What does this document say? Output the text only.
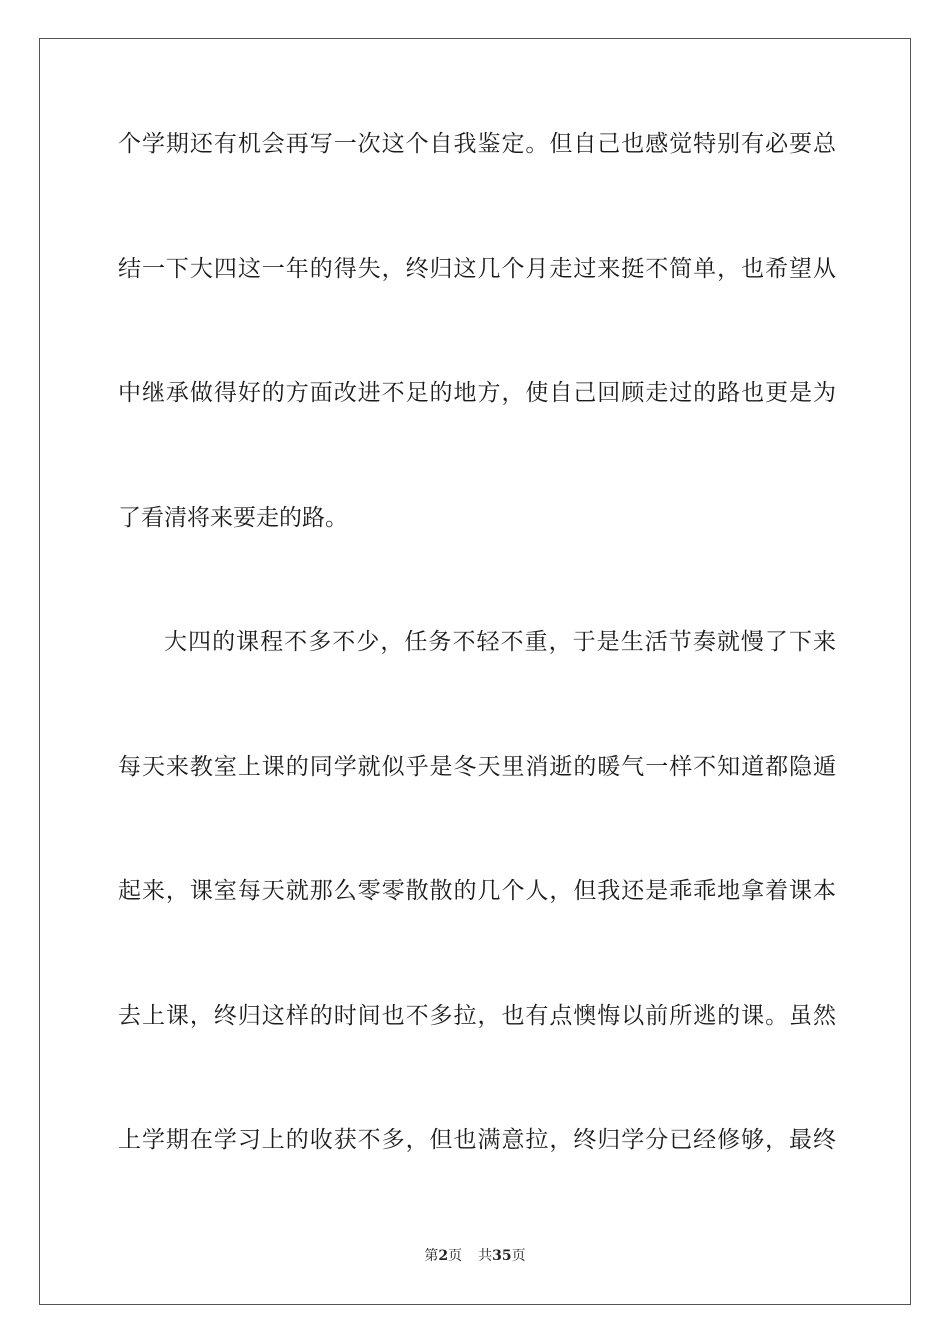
个学期还有机会再写一次这个自我鉴定。但自己也感觉特别有必要总
结一下大四这一年的得失，终归这几个月走过来挺不简单，也希望从
中继承做得好的方面改进不足的地方，使自己回顾走过的路也更是为
了看清将来要走的路。
大四的课程不多不少，任务不轻不重，于是生活节奏就慢了下来
每天来教室上课的同学就似乎是冬天里消逝的暖气一样不知道都隐遁
起来，课室每天就那么零零散散的几个人，但我还是乖乖地拿着课本
去上课，终归这样的时间也不多拉，也有点懊悔以前所逃的课。虽然
上学期在学习上的收获不多，但也满意拉，终归学分已经修够，最终
第2页 共35页
